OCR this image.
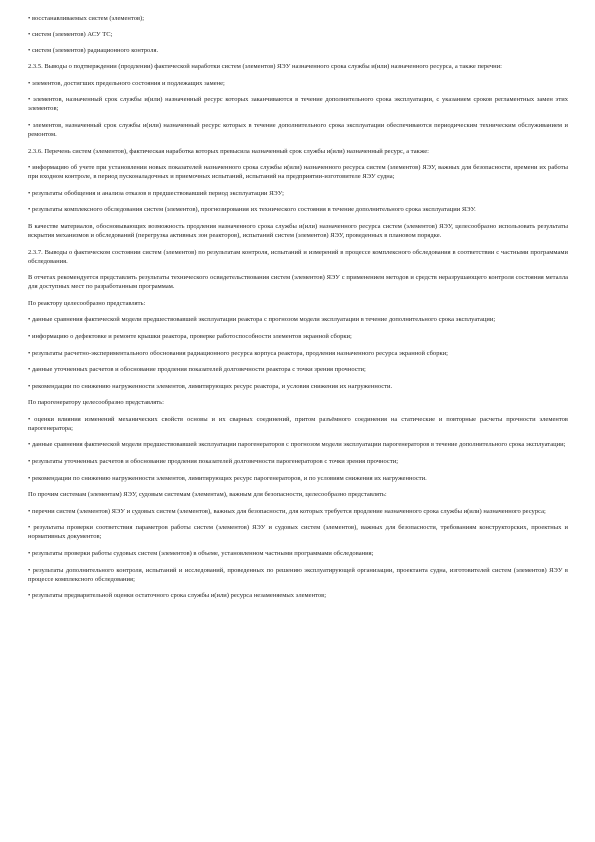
• восстанавливаемых систем (элементов);

• систем (элементов) АСУ ТС;

• систем (элементов) радиационного контроля.

2.3.5. Выводы о подтверждении (продлении) фактической наработки систем (элементов) ЯЭУ назначенного срока службы и(или) назначенного ресурса, а также перечни:

• элементов, достигших предельного состояния и подлежащих замене;

• элементов, назначенный срок службы и(или) назначенный ресурс которых заканчиваются в течение дополнительного срока эксплуатации, с указанием сроков регламентных замен этих элементов;

• элементов, назначенный срок службы и(или) назначенный ресурс которых в течение дополнительного срока эксплуатации обеспечиваются периодическим техническим обслуживанием и ремонтом.

2.3.6. Перечень систем (элементов), фактическая наработка которых превысила назначенный срок службы и(или) назначенный ресурс, а также:

• информацию об учете при установлении новых показателей назначенного срока службы и(или) назначенного ресурса систем (элементов) ЯЭУ, важных для безопасности, времени их работы при входном контроле, в период пусконаладочных и приемочных испытаний, испытаний на предприятии-изготовителе ЯЭУ судна;

• результаты обобщения и анализа отказов в предшествовавший период эксплуатации ЯЭУ;

• результаты комплексного обследования систем (элементов), прогнозирования их технического состояния в течение дополнительного срока эксплуатации ЯЭУ.

В качестве материалов, обосновывающих возможность продления назначенного срока службы и(или) назначенного ресурса систем (элементов) ЯЭУ, целесообразно использовать результаты вскрытия механизмов и обследований (перегрузка активных зон реакторов), испытаний систем (элементов) ЯЭУ, проведенных в плановом порядке.

2.3.7. Выводы о фактическом состоянии систем (элементов) по результатам контроля, испытаний и измерений в процессе комплексного обследования в соответствии с частными программами обследования.

В отчетах рекомендуется представлять результаты технического освидетельствования систем (элементов) ЯЭУ с применением методов и средств неразрушающего контроля состояния металла для доступных мест по разработанным программам.

По реактору целесообразно представлять:

• данные сравнения фактической модели предшествовавшей эксплуатации реактора с прогнозом модели эксплуатации в течение дополнительного срока эксплуатации;

• информацию о дефектовке и ремонте крышки реактора, проверке работоспособности элементов экранной сборки;

• результаты расчетно-экспериментального обоснования радиационного ресурса корпуса реактора, продления назначенного ресурса экранной сборки;

• данные уточненных расчетов и обоснование продления показателей долговечности реактора с точки зрения прочности;

• рекомендации по снижению нагруженности элементов, лимитирующих ресурс реактора, и условия снижения их нагруженности.

По парогенератору целесообразно представлять:

• оценки влияния изменений механических свойств основы и их сварных соединений, притом разъёмного соединения на статические и повторные расчеты прочности элементов парогенератора;

• данные сравнения фактической модели предшествовавшей эксплуатации парогенераторов с прогнозом модели эксплуатации парогенераторов в течение дополнительного срока эксплуатации;

• результаты уточненных расчетов и обоснование продления показателей долговечности парогенераторов с точки зрения прочности;

• рекомендации по снижению нагруженности элементов, лимитирующих ресурс парогенераторов, и по условиям снижения их нагруженности.

По прочим системам (элементам) ЯЭУ, судовым системам (элементам), важным для безопасности, целесообразно представлять:

• перечни систем (элементов) ЯЭУ и судовых систем (элементов), важных для безопасности, для которых требуется продление назначенного срока службы и(или) назначенного ресурса;

• результаты проверки соответствия параметров работы систем (элементов) ЯЭУ и судовых систем (элементов), важных для безопасности, требованиям конструкторских, проектных и нормативных документов;

• результаты проверки работы судовых систем (элементов) в объеме, установленном частными программами обследования;

• результаты дополнительного контроля, испытаний и исследований, проведенных по решению эксплуатирующей организации, проектанта судна, изготовителей систем (элементов) ЯЭУ в процессе комплексного обследования;

• результаты предварительной оценки остаточного срока службы и(или) ресурса незаменяемых элементов;
